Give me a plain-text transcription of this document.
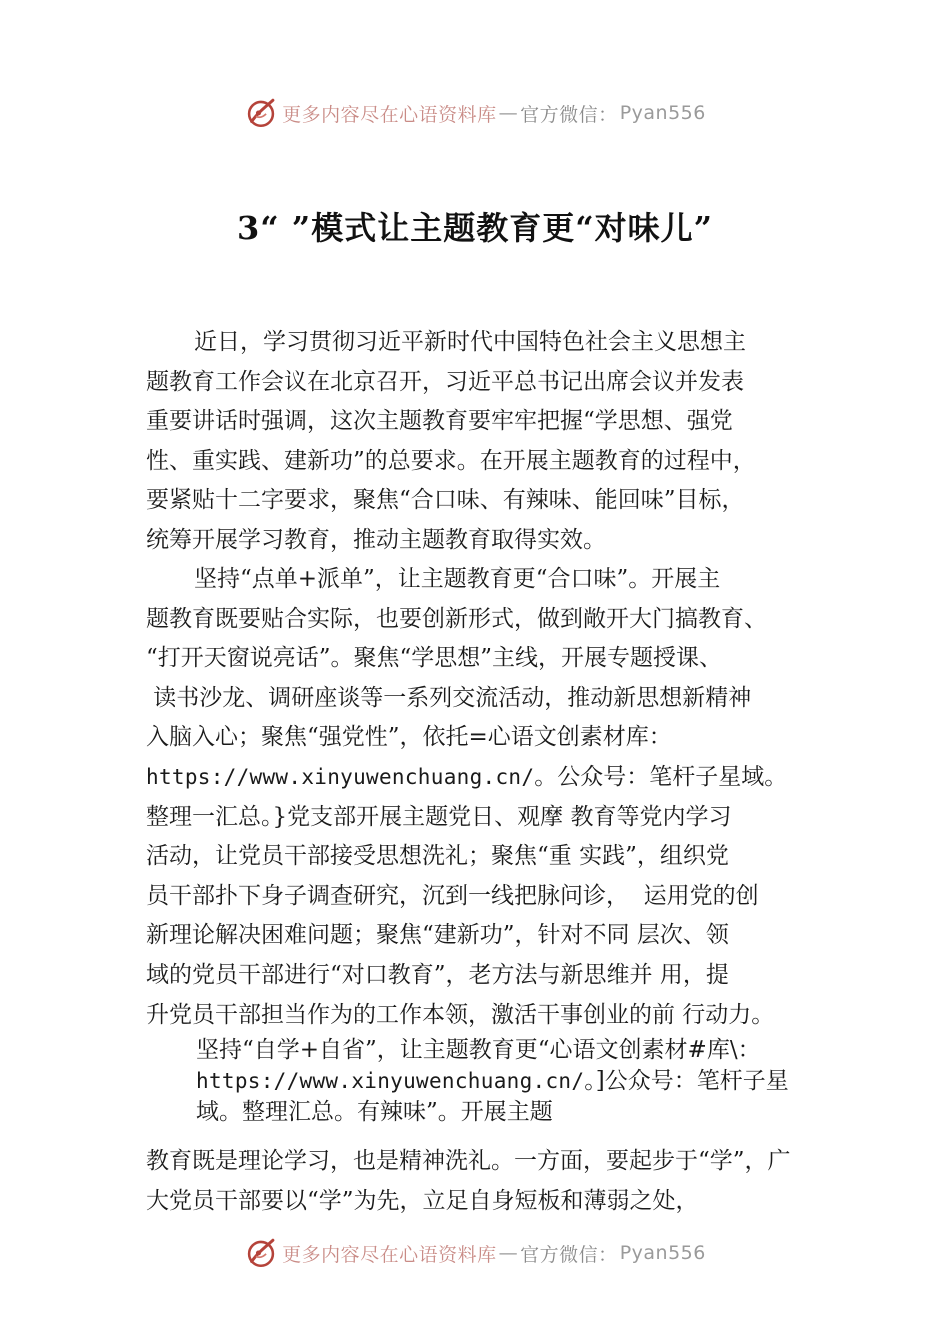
更多内容尽在心语资料库 — 官方微信： Pyan556
3“ ”模式让主题教育更“对味儿”
近日，学习贯彻习近平新时代中国特色社会主义思想主
题教育工作会议在北京召开，习近平总书记出席会议并发表
重要讲话时强调，这次主题教育要牢牢把握“学思想、强党
性、重实践、建新功”的总要求。在开展主题教育的过程中，
要紧贴十二字要求，聚焦“合口味、有辣味、能回味”目标，
统筹开展学习教育，推动主题教育取得实效。
坚持“点单+派单”，让主题教育更“合口味”。开展主
题教育既要贴合实际，也要创新形式，做到敞开大门搞教育、
“打开天窗说亮话”。聚焦“学思想”主线，开展专题授课、
读书沙龙、调研座谈等一系列交流活动，推动新思想新精神
入脑入心；聚焦“强党性”，依托=心语文创素材库：
https://www.xinyuwenchuang.cn/。公众号：笔杆子星域。
整理一汇总。}党支部开展主题党日、观摩 教育等党内学习
活动，让党员干部接受思想洗礼；聚焦“重 实践”，组织党
员干部扑下身子调查研究，沉到一线把脉问诊，  运用党的创
新理论解决困难问题；聚焦“建新功”，针对不同 层次、领
域的党员干部进行“对口教育”，老方法与新思维并 用，提
升党员干部担当作为的工作本领，激活干事创业的前 行动力。
坚持“自学+自省”，让主题教育更“心语文创素材#库\：
https://www.xinyuwenchuang.cn/。]公众号：笔杆子星
域。整理汇总。有辣味”。开展主题
教育既是理论学习，也是精神洗礼。一方面，要起步于“学”，广
大党员干部要以“学”为先，立足自身短板和薄弱之处，
更多内容尽在心语资料库 — 官方微信： Pyan556
